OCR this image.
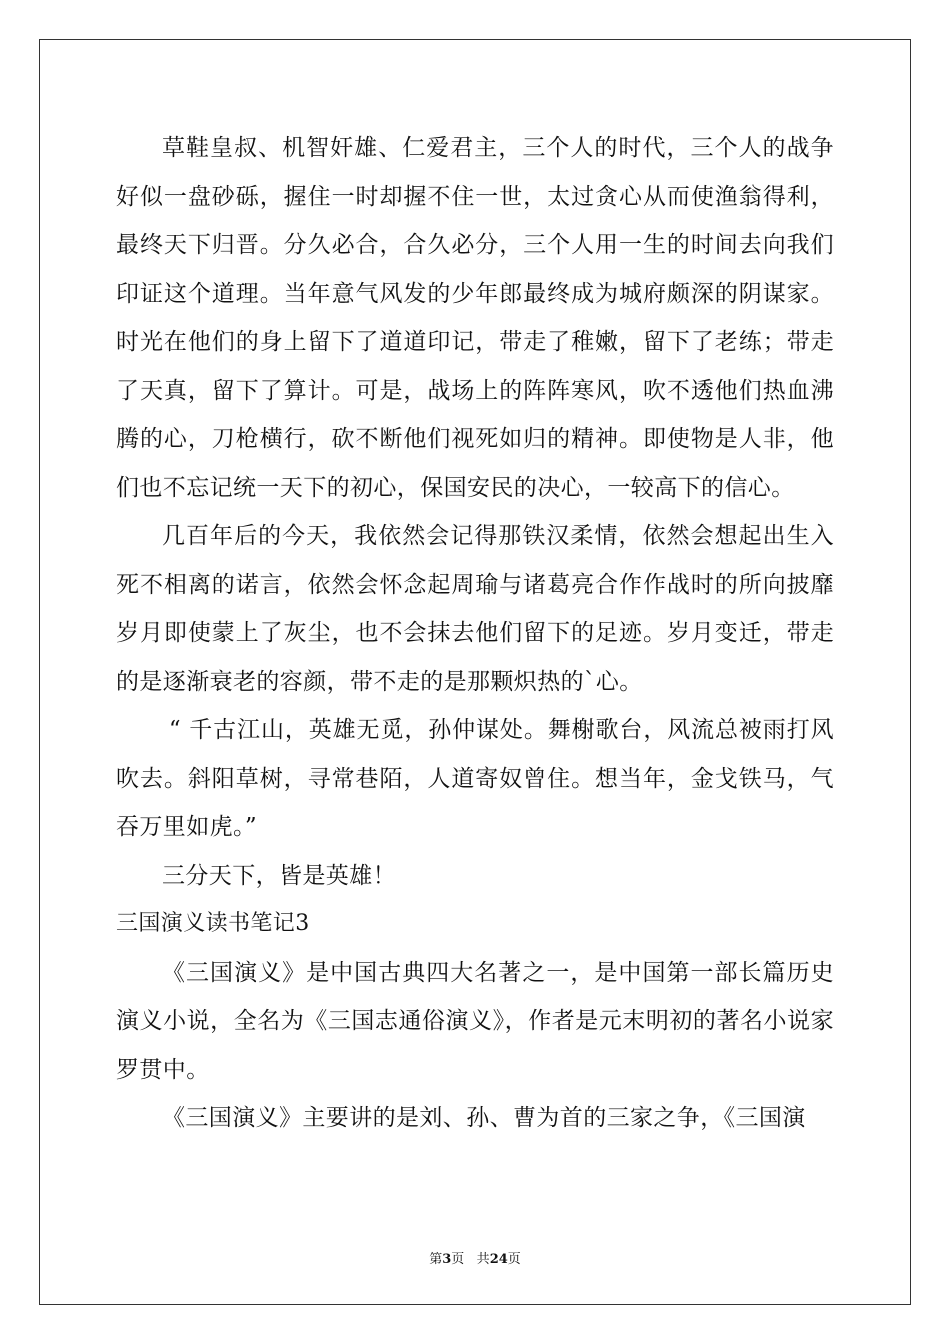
草鞋皇叔、机智奸雄、仁爱君主，三个人的时代，三个人的战争好似一盘砂砾，握住一时却握不住一世，太过贪心从而使渔翁得利，最终天下归晋。分久必合，合久必分，三个人用一生的时间去向我们印证这个道理。当年意气风发的少年郎最终成为城府颇深的阴谋家。时光在他们的身上留下了道道印记，带走了稚嫩，留下了老练；带走了天真，留下了算计。可是，战场上的阵阵寒风，吹不透他们热血沸腾的心，刀枪横行，砍不断他们视死如归的精神。即使物是人非，他们也不忘记统一天下的初心，保国安民的决心，一较高下的信心。

几百年后的今天，我依然会记得那铁汉柔情，依然会想起出生入死不相离的诺言，依然会怀念起周瑜与诸葛亮合作作战时的所向披靡岁月即使蒙上了灰尘，也不会抹去他们留下的足迹。岁月变迁，带走的是逐渐衰老的容颜，带不走的是那颗炽热的`心。

“ 千古江山，英雄无觅，孙仲谋处。舞榭歌台，风流总被雨打风吹去。斜阳草树，寻常巷陌，人道寄奴曾住。想当年，金戈铁马，气吞万里如虎。”

三分天下，皆是英雄！

三国演义读书笔记3

《三国演义》是中国古典四大名著之一，是中国第一部长篇历史演义小说，全名为《三国志通俗演义》，作者是元末明初的著名小说家罗贯中。

《三国演义》主要讲的是刘、孙、曹为首的三家之争，《三国演

第3页 共24页
